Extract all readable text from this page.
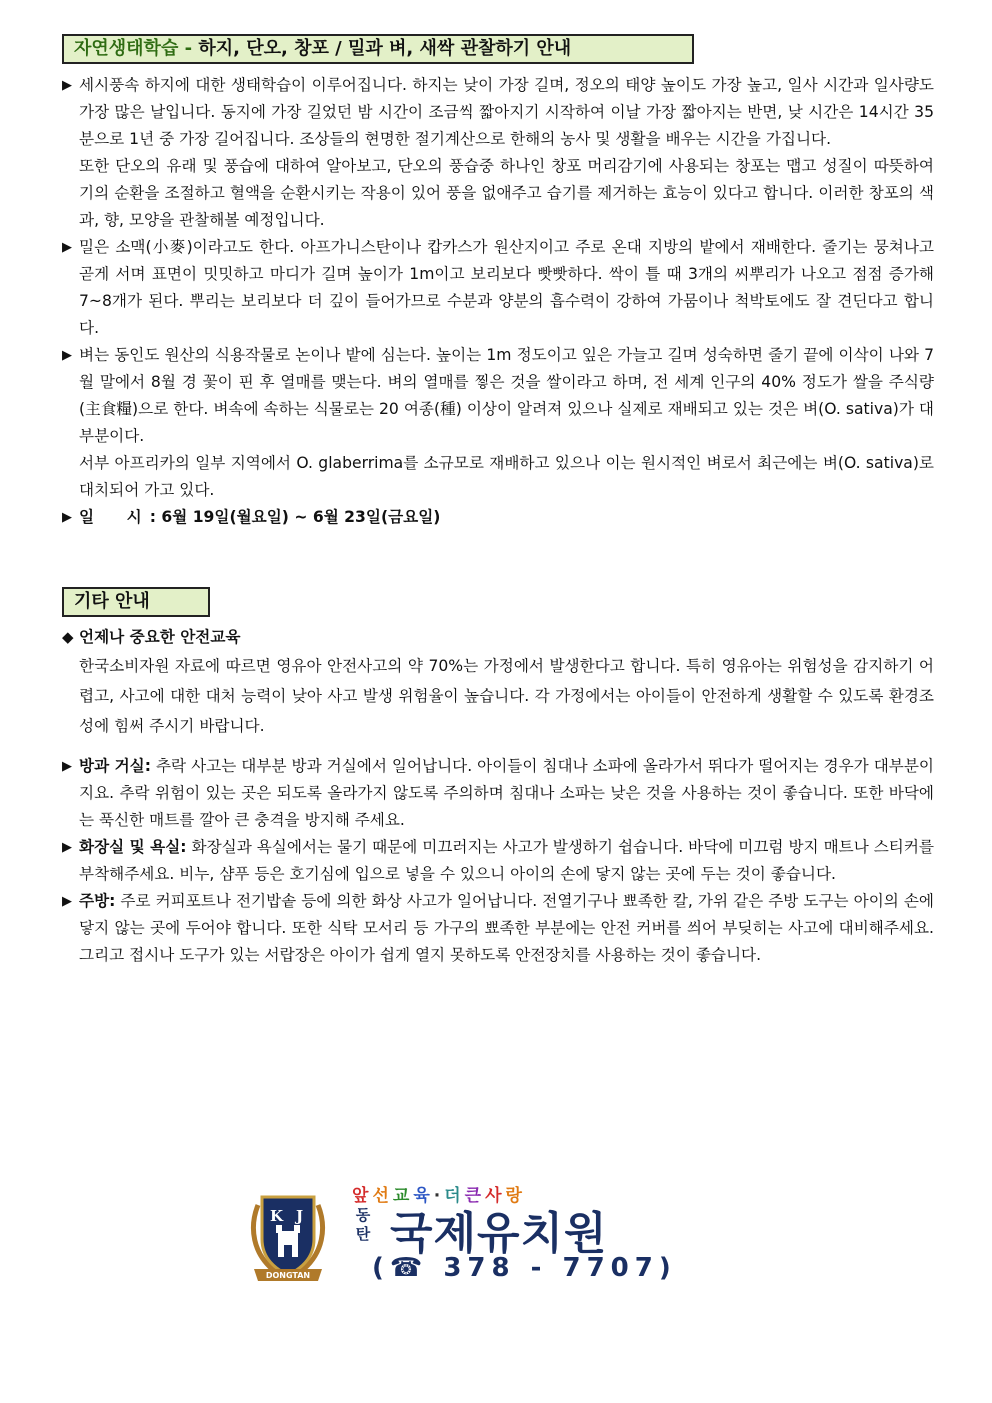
자연생태학습 - 하지, 단오, 창포 / 밀과 벼, 새싹 관찰하기 안내
▶ 세시풍속 하지에 대한 생태학습이 이루어집니다. 하지는 낮이 가장 길며, 정오의 태양 높이도 가장 높고, 일사 시간과 일사량도 가장 많은 날입니다. 동지에 가장 길었던 밤 시간이 조금씩 짧아지기 시작하여 이날 가장 짧아지는 반면, 낮 시간은 14시간 35분으로 1년 중 가장 길어집니다. 조상들의 현명한 절기계산으로 한해의 농사 및 생활을 배우는 시간을 가집니다.
또한 단오의 유래 및 풍습에 대하여 알아보고, 단오의 풍습중 하나인 창포 머리감기에 사용되는 창포는 맵고 성질이 따뜻하여 기의 순환을 조절하고 혈액을 순환시키는 작용이 있어 풍을 없애주고 습기를 제거하는 효능이 있다고 합니다. 이러한 창포의 색과, 향, 모양을 관찰해볼 예정입니다.
▶ 밀은 소맥(小麥)이라고도 한다. 아프가니스탄이나 캅카스가 원산지이고 주로 온대 지방의 밭에서 재배한다. 줄기는 뭉쳐나고 곧게 서며 표면이 밋밋하고 마디가 길며 높이가 1m이고 보리보다 빳빳하다. 싹이 틀 때 3개의 씨뿌리가 나오고 점점 증가해 7~8개가 된다. 뿌리는 보리보다 더 깊이 들어가므로 수분과 양분의 흡수력이 강하여 가뭄이나 척박토에도 잘 견딘다고 합니다.
▶ 벼는 동인도 원산의 식용작물로 논이나 밭에 심는다. 높이는 1m 정도이고 잎은 가늘고 길며 성숙하면 줄기 끝에 이삭이 나와 7월 말에서 8월 경 꽃이 핀 후 열매를 맺는다. 벼의 열매를 찧은 것을 쌀이라고 하며, 전 세계 인구의 40% 정도가 쌀을 주식량(主食糧)으로 한다. 벼속에 속하는 식물로는 20 여종(種) 이상이 알려져 있으나 실제로 재배되고 있는 것은 벼(O. sativa)가 대부분이다.
서부 아프리카의 일부 지역에서 O. glaberrima를 소규모로 재배하고 있으나 이는 원시적인 벼로서 최근에는 벼(O. sativa)로 대치되어 가고 있다.
▶ 일      시 : 6월 19일(월요일) ~ 6월 23일(금요일)
기타 안내
◆ 언제나 중요한 안전교육
한국소비자원 자료에 따르면 영유아 안전사고의 약 70%는 가정에서 발생한다고 합니다. 특히 영유아는 위험성을 감지하기 어렵고, 사고에 대한 대처 능력이 낮아 사고 발생 위험율이 높습니다. 각 가정에서는 아이들이 안전하게 생활할 수 있도록 환경조성에 힘써 주시기 바랍니다.
▶ 방과 거실: 추락 사고는 대부분 방과 거실에서 일어납니다. 아이들이 침대나 소파에 올라가서 뛰다가 떨어지는 경우가 대부분이지요. 추락 위험이 있는 곳은 되도록 올라가지 않도록 주의하며 침대나 소파는 낮은 것을 사용하는 것이 좋습니다. 또한 바닥에는 푹신한 매트를 깔아 큰 충격을 방지해 주세요.
▶ 화장실 및 욕실: 화장실과 욕실에서는 물기 때문에 미끄러지는 사고가 발생하기 쉽습니다. 바닥에 미끄럼 방지 매트나 스티커를 부착해주세요. 비누, 샴푸 등은 호기심에 입으로 넣을 수 있으니 아이의 손에 닿지 않는 곳에 두는 것이 좋습니다.
▶ 주방: 주로 커피포트나 전기밥솥 등에 의한 화상 사고가 일어납니다. 전열기구나 뾰족한 칼, 가위 같은 주방 도구는 아이의 손에 닿지 않는 곳에 두어야 합니다. 또한 식탁 모서리 등 가구의 뾰족한 부분에는 안전 커버를 씌어 부딪히는 사고에 대비해주세요. 그리고 접시나 도구가 있는 서랍장은 아이가 쉽게 열지 못하도록 안전장치를 사용하는 것이 좋습니다.
K J
DONGTAN
앞선교육·더큰사랑
동
탄 국제유치원
(☎ 378 - 7707)
